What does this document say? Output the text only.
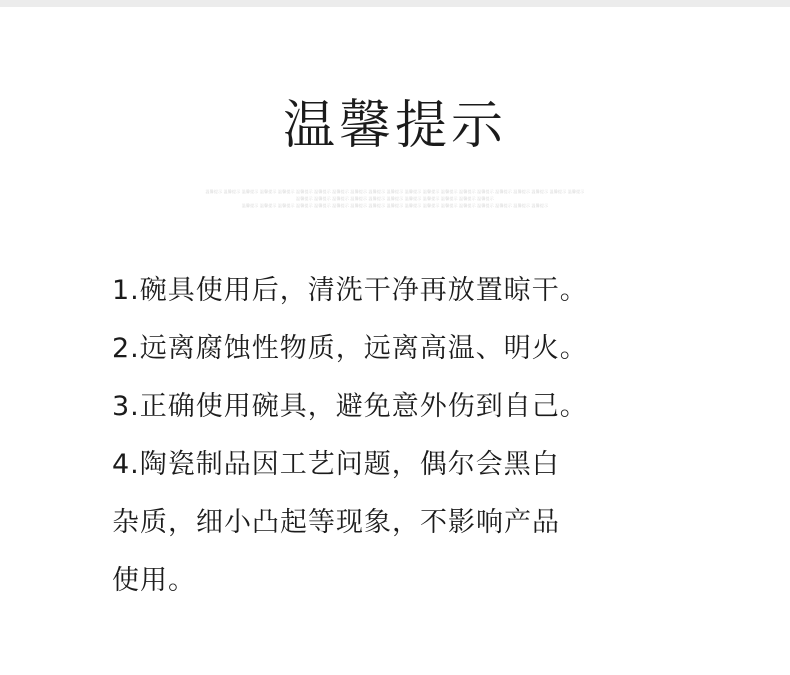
温馨提示
温馨提示 温馨提示 温馨提示 温馨提示 温馨提示 温馨提示 温馨提示 温馨提示 温馨提示 温馨提示 温馨提示 温馨提示 温馨提示 温馨提示 温馨提示 温馨提示 温馨提示 温馨提示 温馨提示 温馨提示 温馨提示
温馨提示 温馨提示 温馨提示 温馨提示 温馨提示 温馨提示 温馨提示 温馨提示 温馨提示 温馨提示 温馨提示
温馨提示 温馨提示 温馨提示 温馨提示 温馨提示 温馨提示 温馨提示 温馨提示 温馨提示 温馨提示 温馨提示 温馨提示 温馨提示 温馨提示 温馨提示 温馨提示 温馨提示
1.碗具使用后，清洗干净再放置晾干。
2.远离腐蚀性物质，远离高温、明火。
3.正确使用碗具，避免意外伤到自己。
4.陶瓷制品因工艺问题，偶尔会黑白
杂质，细小凸起等现象，不影响产品
使用。
